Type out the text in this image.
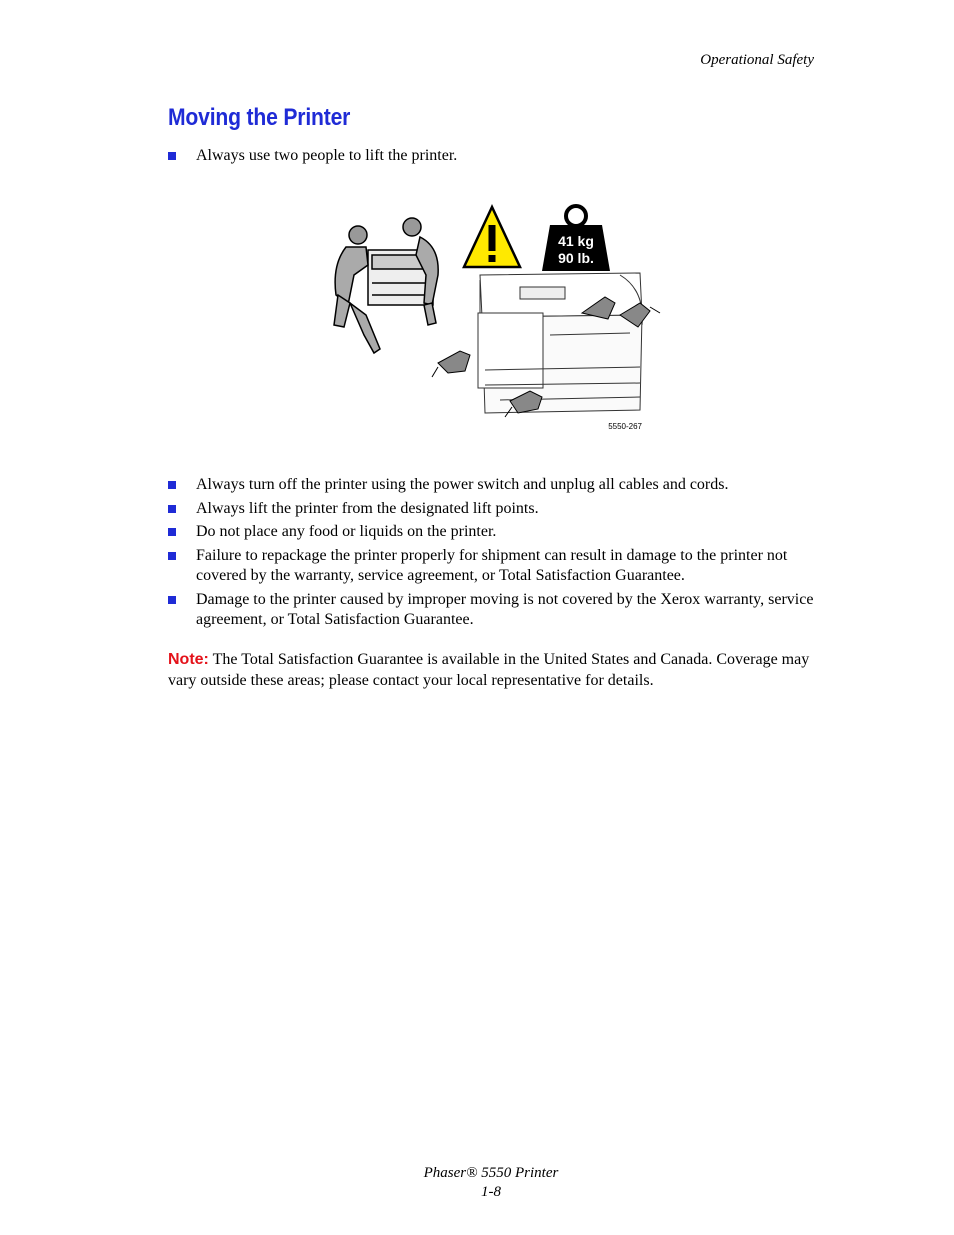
Operational Safety
Moving the Printer
Always use two people to lift the printer.
41 kg
90 lb.
5550-267
Always turn off the printer using the power switch and unplug all cables and cords.
Always lift the printer from the designated lift points.
Do not place any food or liquids on the printer.
Failure to repackage the printer properly for shipment can result in damage to the printer not covered by the warranty, service agreement, or Total Satisfaction Guarantee.
Damage to the printer caused by improper moving is not covered by the Xerox warranty, service agreement, or Total Satisfaction Guarantee.
Note: The Total Satisfaction Guarantee is available in the United States and Canada. Coverage may vary outside these areas; please contact your local representative for details.
Phaser® 5550 Printer
1-8
